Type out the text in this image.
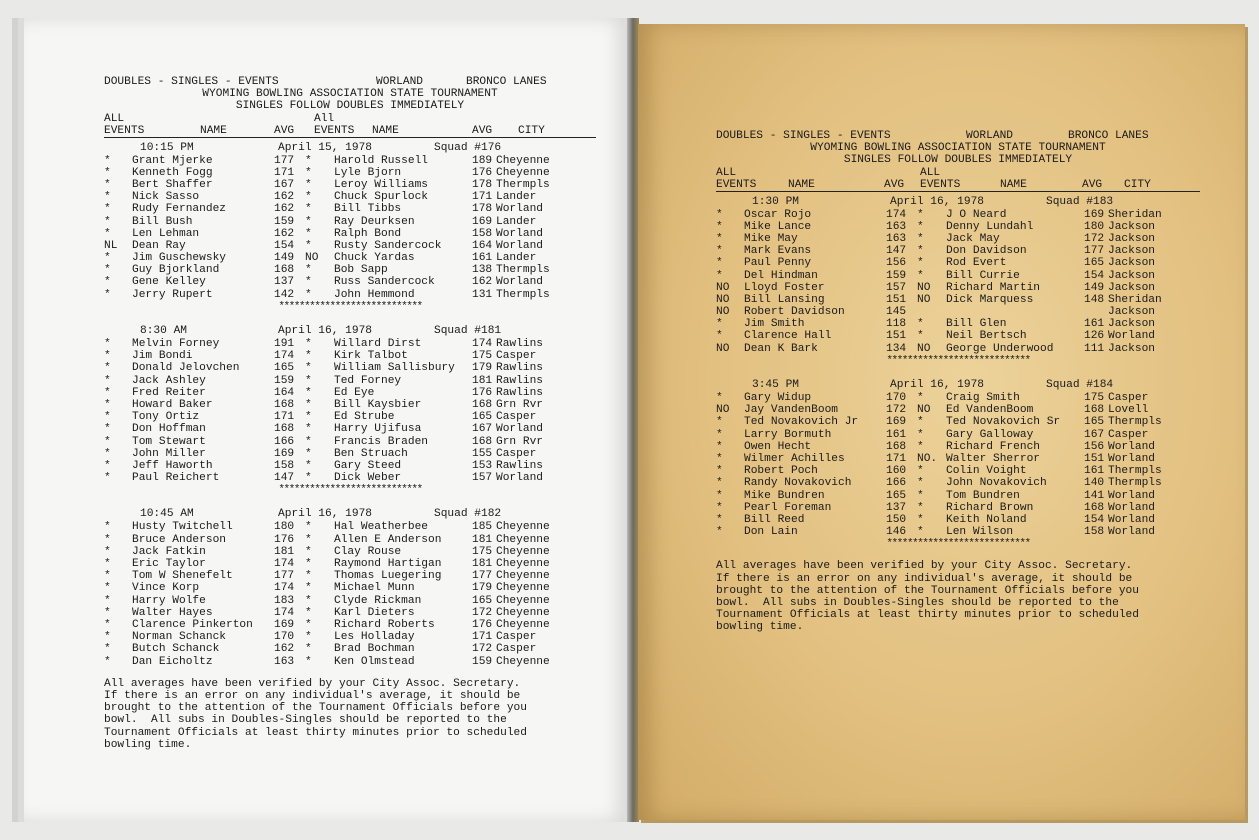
DOUBLES - SINGLES - EVENTS

	WORLAND

	BRONCO LANES

WYOMING BOWLING ASSOCIATION STATE TOURNAMENT
SINGLES FOLLOW DOUBLES IMMEDIATELY
ALL
EVENTS	NAME	AVG
All
EVENTS NAME	AVG CITY
10:15 PM	April 15, 1978	Squad #176
* Grant Mjerke	177 * Harold Russell	189 Cheyenne
* Kenneth Fogg	171 * Lyle Bjorn	176 Cheyenne
* Bert Shaffer	167 * Leroy Williams	178 Thermpls
* Nick Sasso	162 * Chuck Spurlock	171 Lander
* Rudy Fernandez	162 * Bill Tibbs	178 Worland
* Bill Bush	159 * Ray Deurksen	169 Lander
* Len Lehman	162 * Ralph Bond	158 Worland
NL Dean Ray	154 * Rusty Sandercock	164 Worland
* Jim Guschewsky	149 NO Chuck Yardas	161 Lander
* Guy Bjorkland	168 * Bob Sapp	138 Thermpls
* Gene Kelley	137 * Russ Sandercock	162 Worland
* Jerry Rupert	142 * John Hemmond	131 Thermpls
****************************
8:30 AM	April 16, 1978	Squad #181
* Melvin Forney	191 * Willard Dirst	174 Rawlins
* Jim Bondi	174 * Kirk Talbot	175 Casper
* Donald Jelovchen	165 * William Sallisbury 179 Rawlins
* Jack Ashley	159 * Ted Forney	181 Rawlins
* Fred Reiter	164 * Ed Eye	176 Rawlins
* Howard Baker	168 * Bill Kaysbier	168 Grn Rvr
* Tony Ortiz	171 * Ed Strube	165 Casper
* Don Hoffman	168 * Harry Ujifusa	167 Worland
* Tom Stewart	166 * Francis Braden	168 Grn Rvr
* John Miller	169 * Ben Struach	155 Casper
* Jeff Haworth	158 * Gary Steed	153 Rawlins
* Paul Reichert	147 * Dick Weber	157 Worland
****************************
10:45 AM	April 16, 1978	Squad #182
* Husty Twitchell	180 * Hal Weatherbee	185 Cheyenne
* Bruce Anderson	176 * Allen E Anderson	181 Cheyenne
* Jack Fatkin	181 * Clay Rouse	175 Cheyenne
* Eric Taylor	174 * Raymond Hartigan	181 Cheyenne
* Tom W Shenefelt	177 * Thomas Luegering	177 Cheyenne
* Vince Korp	174 * Michael Munn	179 Cheyenne
* Harry Wolfe	183 * Clyde Rickman	165 Cheyenne
* Walter Hayes	174 * Karl Dieters	172 Cheyenne
* Clarence Pinkerton 169 * Richard Roberts	176 Cheyenne
* Norman Schanck	170 * Les Holladay	171 Casper
* Butch Schanck	162 * Brad Bochman	172 Casper
* Dan Eicholtz	163 * Ken Olmstead	159 Cheyenne
All averages have been verified by your City Assoc. Secretary.
If there is an error on any individual's average, it should be
brought to the attention of the Tournament Officials before you
bowl.  All subs in Doubles-Singles should be reported to the
Tournament Officials at least thirty minutes prior to scheduled
bowling time.

DOUBLES - SINGLES - EVENTS

	WORLAND

	BRONCO LANES

WYOMING BOWLING ASSOCIATION STATE TOURNAMENT
SINGLES FOLLOW DOUBLES IMMEDIATELY
ALL
EVENTS	NAME	AVG
ALL
EVENTS	NAME	AVG CITY
1:30 PM	April 16, 1978	Squad #183
* Oscar Rojo	174 * J O Neard	169 Sheridan
* Mike Lance	163 * Denny Lundahl	180 Jackson
* Mike May	163 * Jack May	172 Jackson
* Mark Evans	147 * Don Davidson	177 Jackson
* Paul Penny	156 * Rod Evert	165 Jackson
* Del Hindman	159 * Bill Currie	154 Jackson
NO Lloyd Foster	157 NO Richard Martin	149 Jackson
NO Bill Lansing	151 NO Dick Marquess	148 Sheridan
NO Robert Davidson	145	Jackson
* Jim Smith	118 * Bill Glen	161 Jackson
* Clarence Hall	151 * Neil Bertsch	126 Worland
NO Dean K Bark	134 NO George Underwood	111 Jackson
****************************
3:45 PM	April 16, 1978	Squad #184
* Gary Widup	170 * Craig Smith	175 Casper
NO Jay VandenBoom	172 NO Ed VandenBoom	168 Lovell
* Ted Novakovich Jr 169 * Ted Novakovich Sr 165 Thermpls
* Larry Bormuth	161 * Gary Galloway	167 Casper
* Owen Hecht	168 * Richard French	156 Worland
* Wilmer Achilles	171 NO. Walter Sherror	151 Worland
* Robert Poch	160 * Colin Voight	161 Thermpls
* Randy Novakovich	166 * John Novakovich	140 Thermpls
* Mike Bundren	165 * Tom Bundren	141 Worland
* Pearl Foreman	137 * Richard Brown	168 Worland
* Bill Reed	150 * Keith Noland	154 Worland
* Don Lain	146 * Len Wilson	158 Worland
****************************
All averages have been verified by your City Assoc. Secretary.
If there is an error on any individual's average, it should be
brought to the attention of the Tournament Officials before you
bowl.  All subs in Doubles-Singles should be reported to the
Tournament Officials at least thirty minutes prior to scheduled
bowling time.
